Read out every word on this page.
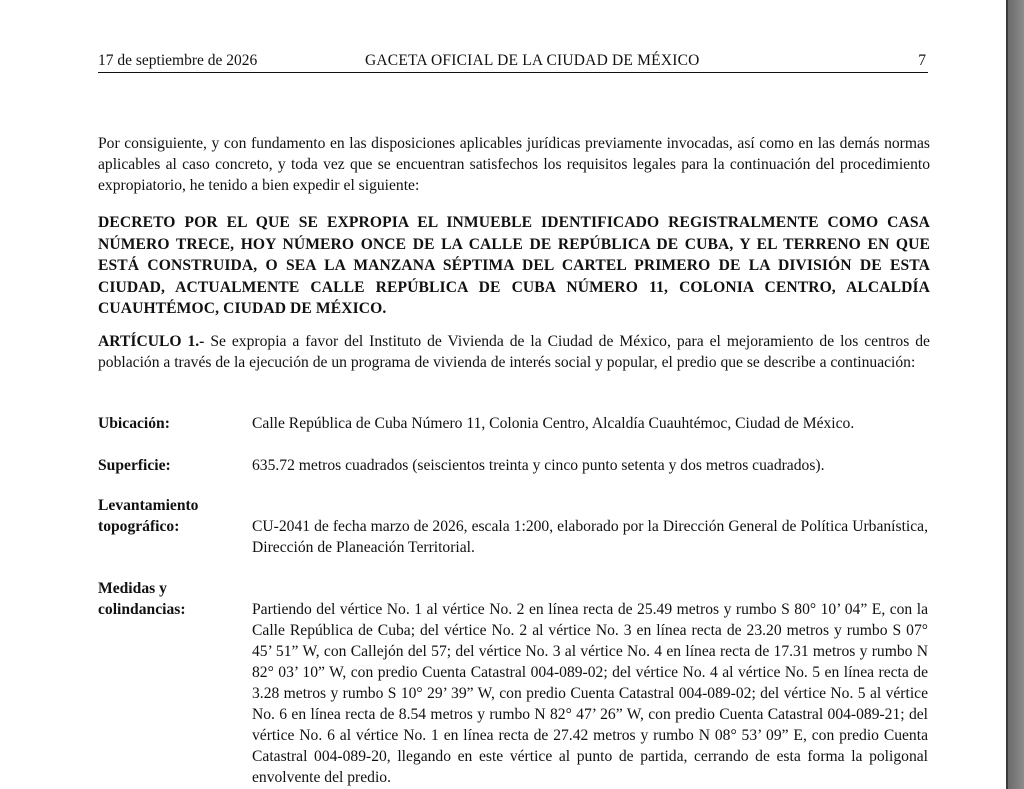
17 de septiembre de 2026	GACETA OFICIAL DE LA CIUDAD DE MÉXICO	7
Por consiguiente, y con fundamento en las disposiciones aplicables jurídicas previamente invocadas, así como en las demás normas aplicables al caso concreto, y toda vez que se encuentran satisfechos los requisitos legales para la continuación del procedimiento expropiatorio, he tenido a bien expedir el siguiente:
DECRETO POR EL QUE SE EXPROPIA EL INMUEBLE IDENTIFICADO REGISTRALMENTE COMO CASA NÚMERO TRECE, HOY NÚMERO ONCE DE LA CALLE DE REPÚBLICA DE CUBA, Y EL TERRENO EN QUE ESTÁ CONSTRUIDA, O SEA LA MANZANA SÉPTIMA DEL CARTEL PRIMERO DE LA DIVISIÓN DE ESTA CIUDAD, ACTUALMENTE CALLE REPÚBLICA DE CUBA NÚMERO 11, COLONIA CENTRO, ALCALDÍA CUAUHTÉMOC, CIUDAD DE MÉXICO.
ARTÍCULO 1.- Se expropia a favor del Instituto de Vivienda de la Ciudad de México, para el mejoramiento de los centros de población a través de la ejecución de un programa de vivienda de interés social y popular, el predio que se describe a continuación:
Ubicación:	Calle República de Cuba Número 11, Colonia Centro, Alcaldía Cuauhtémoc, Ciudad de México.
Superficie:	635.72 metros cuadrados (seiscientos treinta y cinco punto setenta y dos metros cuadrados).
Levantamiento topográfico:	CU-2041 de fecha marzo de 2026, escala 1:200, elaborado por la Dirección General de Política Urbanística, Dirección de Planeación Territorial.
Medidas y colindancias:	Partiendo del vértice No. 1 al vértice No. 2 en línea recta de 25.49 metros y rumbo S 80° 10’ 04” E, con la Calle República de Cuba; del vértice No. 2 al vértice No. 3 en línea recta de 23.20 metros y rumbo S 07° 45’ 51” W, con Callejón del 57; del vértice No. 3 al vértice No. 4 en línea recta de 17.31 metros y rumbo N 82° 03’ 10” W, con predio Cuenta Catastral 004-089-02; del vértice No. 4 al vértice No. 5 en línea recta de 3.28 metros y rumbo S 10° 29’ 39” W, con predio Cuenta Catastral 004-089-02; del vértice No. 5 al vértice No. 6 en línea recta de 8.54 metros y rumbo N 82° 47’ 26” W, con predio Cuenta Catastral 004-089-21; del vértice No. 6 al vértice No. 1 en línea recta de 27.42 metros y rumbo N 08° 53’ 09” E, con predio Cuenta Catastral 004-089-20, llegando en este vértice al punto de partida, cerrando de esta forma la poligonal envolvente del predio.
